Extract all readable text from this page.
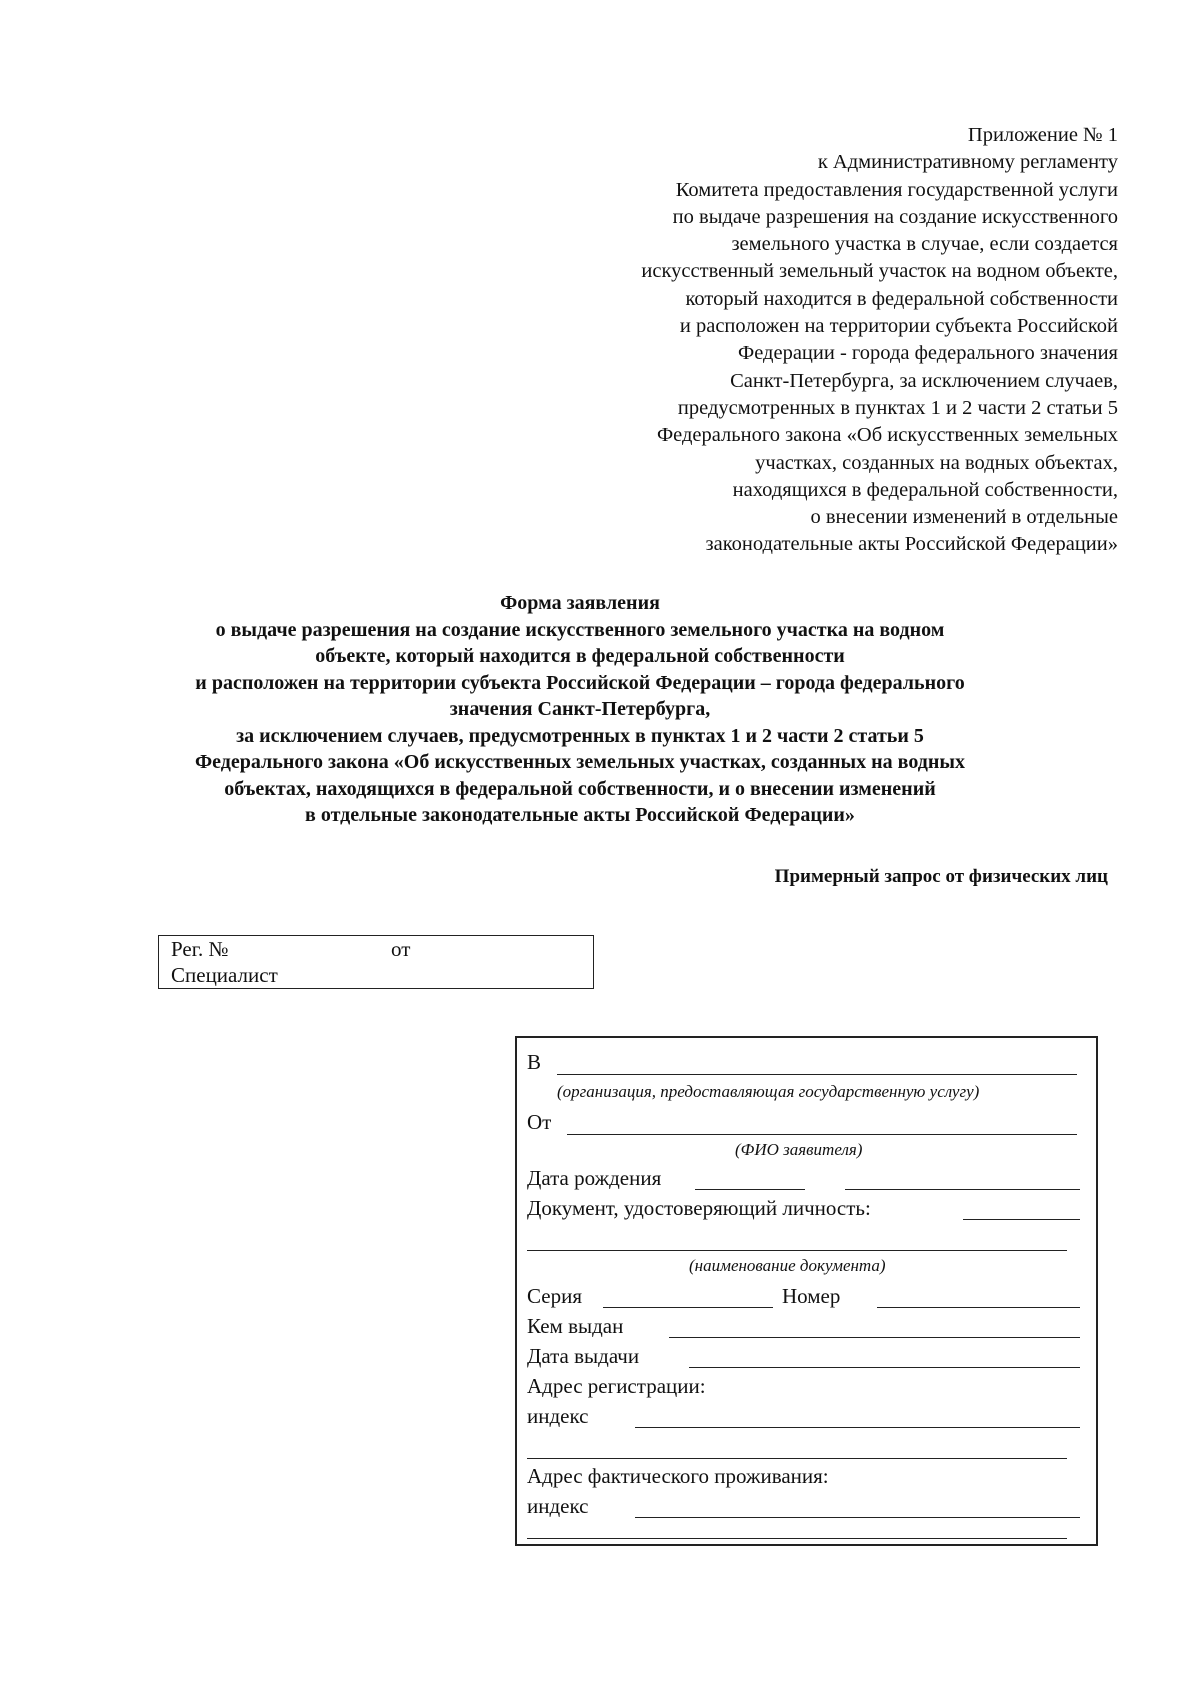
Приложение № 1
к Административному регламенту
Комитета предоставления государственной услуги
по выдаче разрешения на создание искусственного
земельного участка в случае, если создается
искусственный земельный участок на водном объекте,
который находится в федеральной собственности
и расположен на территории субъекта Российской
Федерации - города федерального значения
Санкт-Петербурга, за исключением случаев,
предусмотренных в пунктах 1 и 2 части 2 статьи 5
Федерального закона «Об искусственных земельных
участках, созданных на водных объектах,
находящихся в федеральной собственности,
о внесении изменений в отдельные
законодательные акты Российской Федерации»
Форма заявления
о выдаче разрешения на создание искусственного земельного участка на водном
объекте, который находится в федеральной собственности
и расположен на территории субъекта Российской Федерации – города федерального
значения Санкт-Петербурга,
за исключением случаев, предусмотренных в пунктах 1 и 2 части 2 статьи 5
Федерального закона «Об искусственных земельных участках, созданных на водных
объектах, находящихся в федеральной собственности, и о внесении изменений
в отдельные законодательные акты Российской Федерации»
Примерный запрос от физических лиц
Рег. №	от
Специалист
В
(организация, предоставляющая государственную услугу)
От
(ФИО заявителя)
Дата рождения
Документ, удостоверяющий личность:
(наименование документа)
Серия	Номер
Кем выдан
Дата выдачи
Адрес регистрации:
индекс
Адрес фактического проживания:
индекс
